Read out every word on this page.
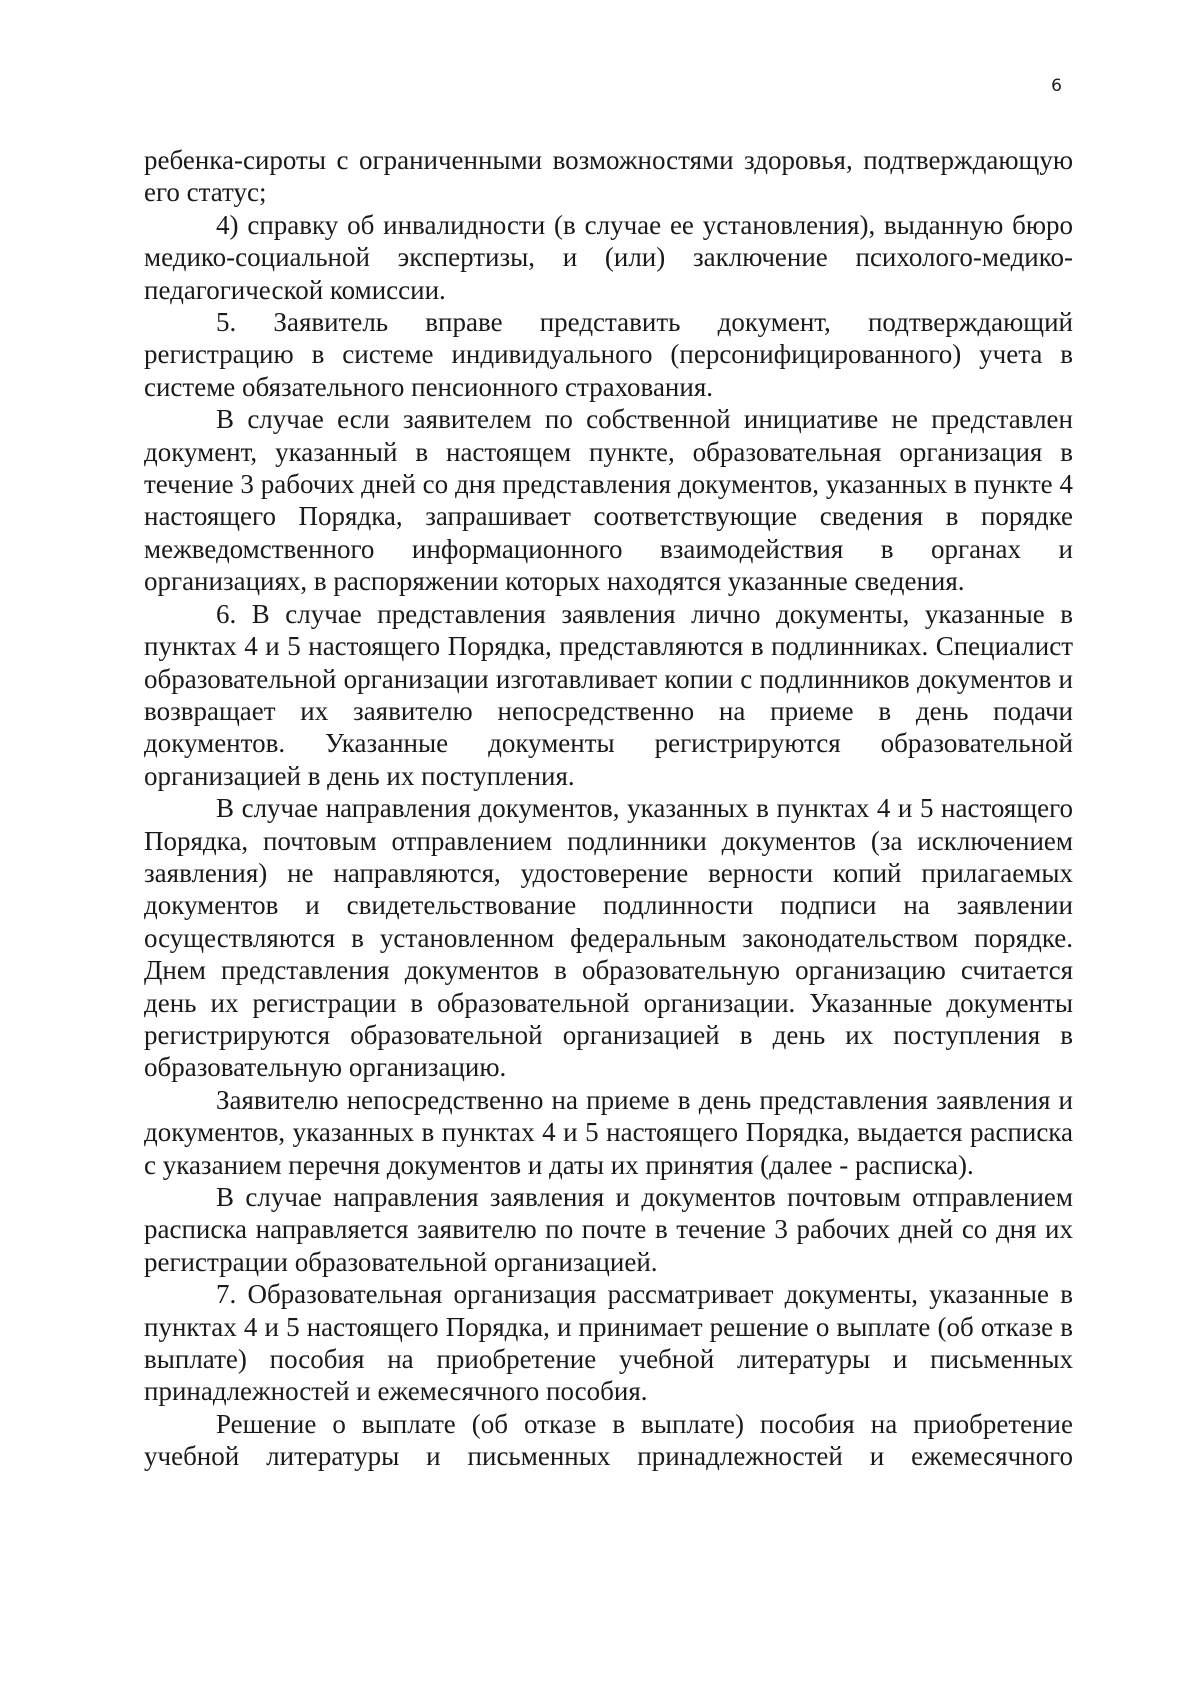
6

ребенка-сироты с ограниченными возможностями здоровья, подтверждающую его статус;

4) справку об инвалидности (в случае ее установления), выданную бюро медико-социальной экспертизы, и (или) заключение психолого-медико-педагогической комиссии.

5. Заявитель вправе представить документ, подтверждающий регистрацию в системе индивидуального (персонифицированного) учета в системе обязательного пенсионного страхования.

В случае если заявителем по собственной инициативе не представлен документ, указанный в настоящем пункте, образовательная организация в течение 3 рабочих дней со дня представления документов, указанных в пункте 4 настоящего Порядка, запрашивает соответствующие сведения в порядке межведомственного информационного взаимодействия в органах и организациях, в распоряжении которых находятся указанные сведения.

6. В случае представления заявления лично документы, указанные в пунктах 4 и 5 настоящего Порядка, представляются в подлинниках. Специалист образовательной организации изготавливает копии с подлинников документов и возвращает их заявителю непосредственно на приеме в день подачи документов. Указанные документы регистрируются образовательной организацией в день их поступления.

В случае направления документов, указанных в пунктах 4 и 5 настоящего Порядка, почтовым отправлением подлинники документов (за исключением заявления) не направляются, удостоверение верности копий прилагаемых документов и свидетельствование подлинности подписи на заявлении осуществляются в установленном федеральным законодательством порядке. Днем представления документов в образовательную организацию считается день их регистрации в образовательной организации. Указанные документы регистрируются образовательной организацией в день их поступления в образовательную организацию.

Заявителю непосредственно на приеме в день представления заявления и документов, указанных в пунктах 4 и 5 настоящего Порядка, выдается расписка с указанием перечня документов и даты их принятия (далее - расписка).

В случае направления заявления и документов почтовым отправлением расписка направляется заявителю по почте в течение 3 рабочих дней со дня их регистрации образовательной организацией.

7. Образовательная организация рассматривает документы, указанные в пунктах 4 и 5 настоящего Порядка, и принимает решение о выплате (об отказе в выплате) пособия на приобретение учебной литературы и письменных принадлежностей и ежемесячного пособия.

Решение о выплате (об отказе в выплате) пособия на приобретение учебной литературы и письменных принадлежностей и ежемесячного
